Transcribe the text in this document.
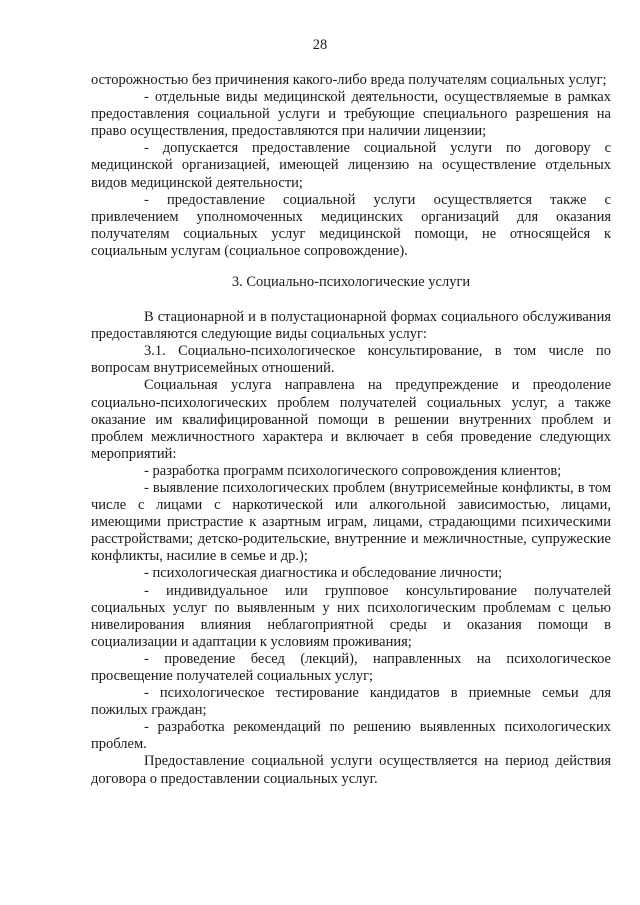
28

осторожностью без причинения какого-либо вреда получателям социальных услуг;

- отдельные виды медицинской деятельности, осуществляемые в рамках предоставления социальной услуги и требующие специального разрешения на право осуществления, предоставляются при наличии лицензии;

- допускается предоставление социальной услуги по договору с медицинской организацией, имеющей лицензию на осуществление отдельных видов медицинской деятельности;

- предоставление социальной услуги осуществляется также с привлечением уполномоченных медицинских организаций для оказания получателям социальных услуг медицинской помощи, не относящейся к социальным услугам (социальное сопровождение).

3. Социально-психологические услуги

В стационарной и в полустационарной формах социального обслуживания предоставляются следующие виды социальных услуг:

3.1. Социально-психологическое консультирование, в том числе по вопросам внутрисемейных отношений.

Социальная услуга направлена на предупреждение и преодоление социально-психологических проблем получателей социальных услуг, а также оказание им квалифицированной помощи в решении внутренних проблем и проблем межличностного характера и включает в себя проведение следующих мероприятий:

- разработка программ психологического сопровождения клиентов;

- выявление психологических проблем (внутрисемейные конфликты, в том числе с лицами с наркотической или алкогольной зависимостью, лицами, имеющими пристрастие к азартным играм, лицами, страдающими психическими расстройствами; детско-родительские, внутренние и межличностные, супружеские конфликты, насилие в семье и др.);

- психологическая диагностика и обследование личности;

- индивидуальное или групповое консультирование получателей социальных услуг по выявленным у них психологическим проблемам с целью нивелирования влияния неблагоприятной среды и оказания помощи в социализации и адаптации к условиям проживания;

- проведение бесед (лекций), направленных на психологическое просвещение получателей социальных услуг;

- психологическое тестирование кандидатов в приемные семьи для пожилых граждан;

- разработка рекомендаций по решению выявленных психологических проблем.

Предоставление социальной услуги осуществляется на период действия договора о предоставлении социальных услуг.
